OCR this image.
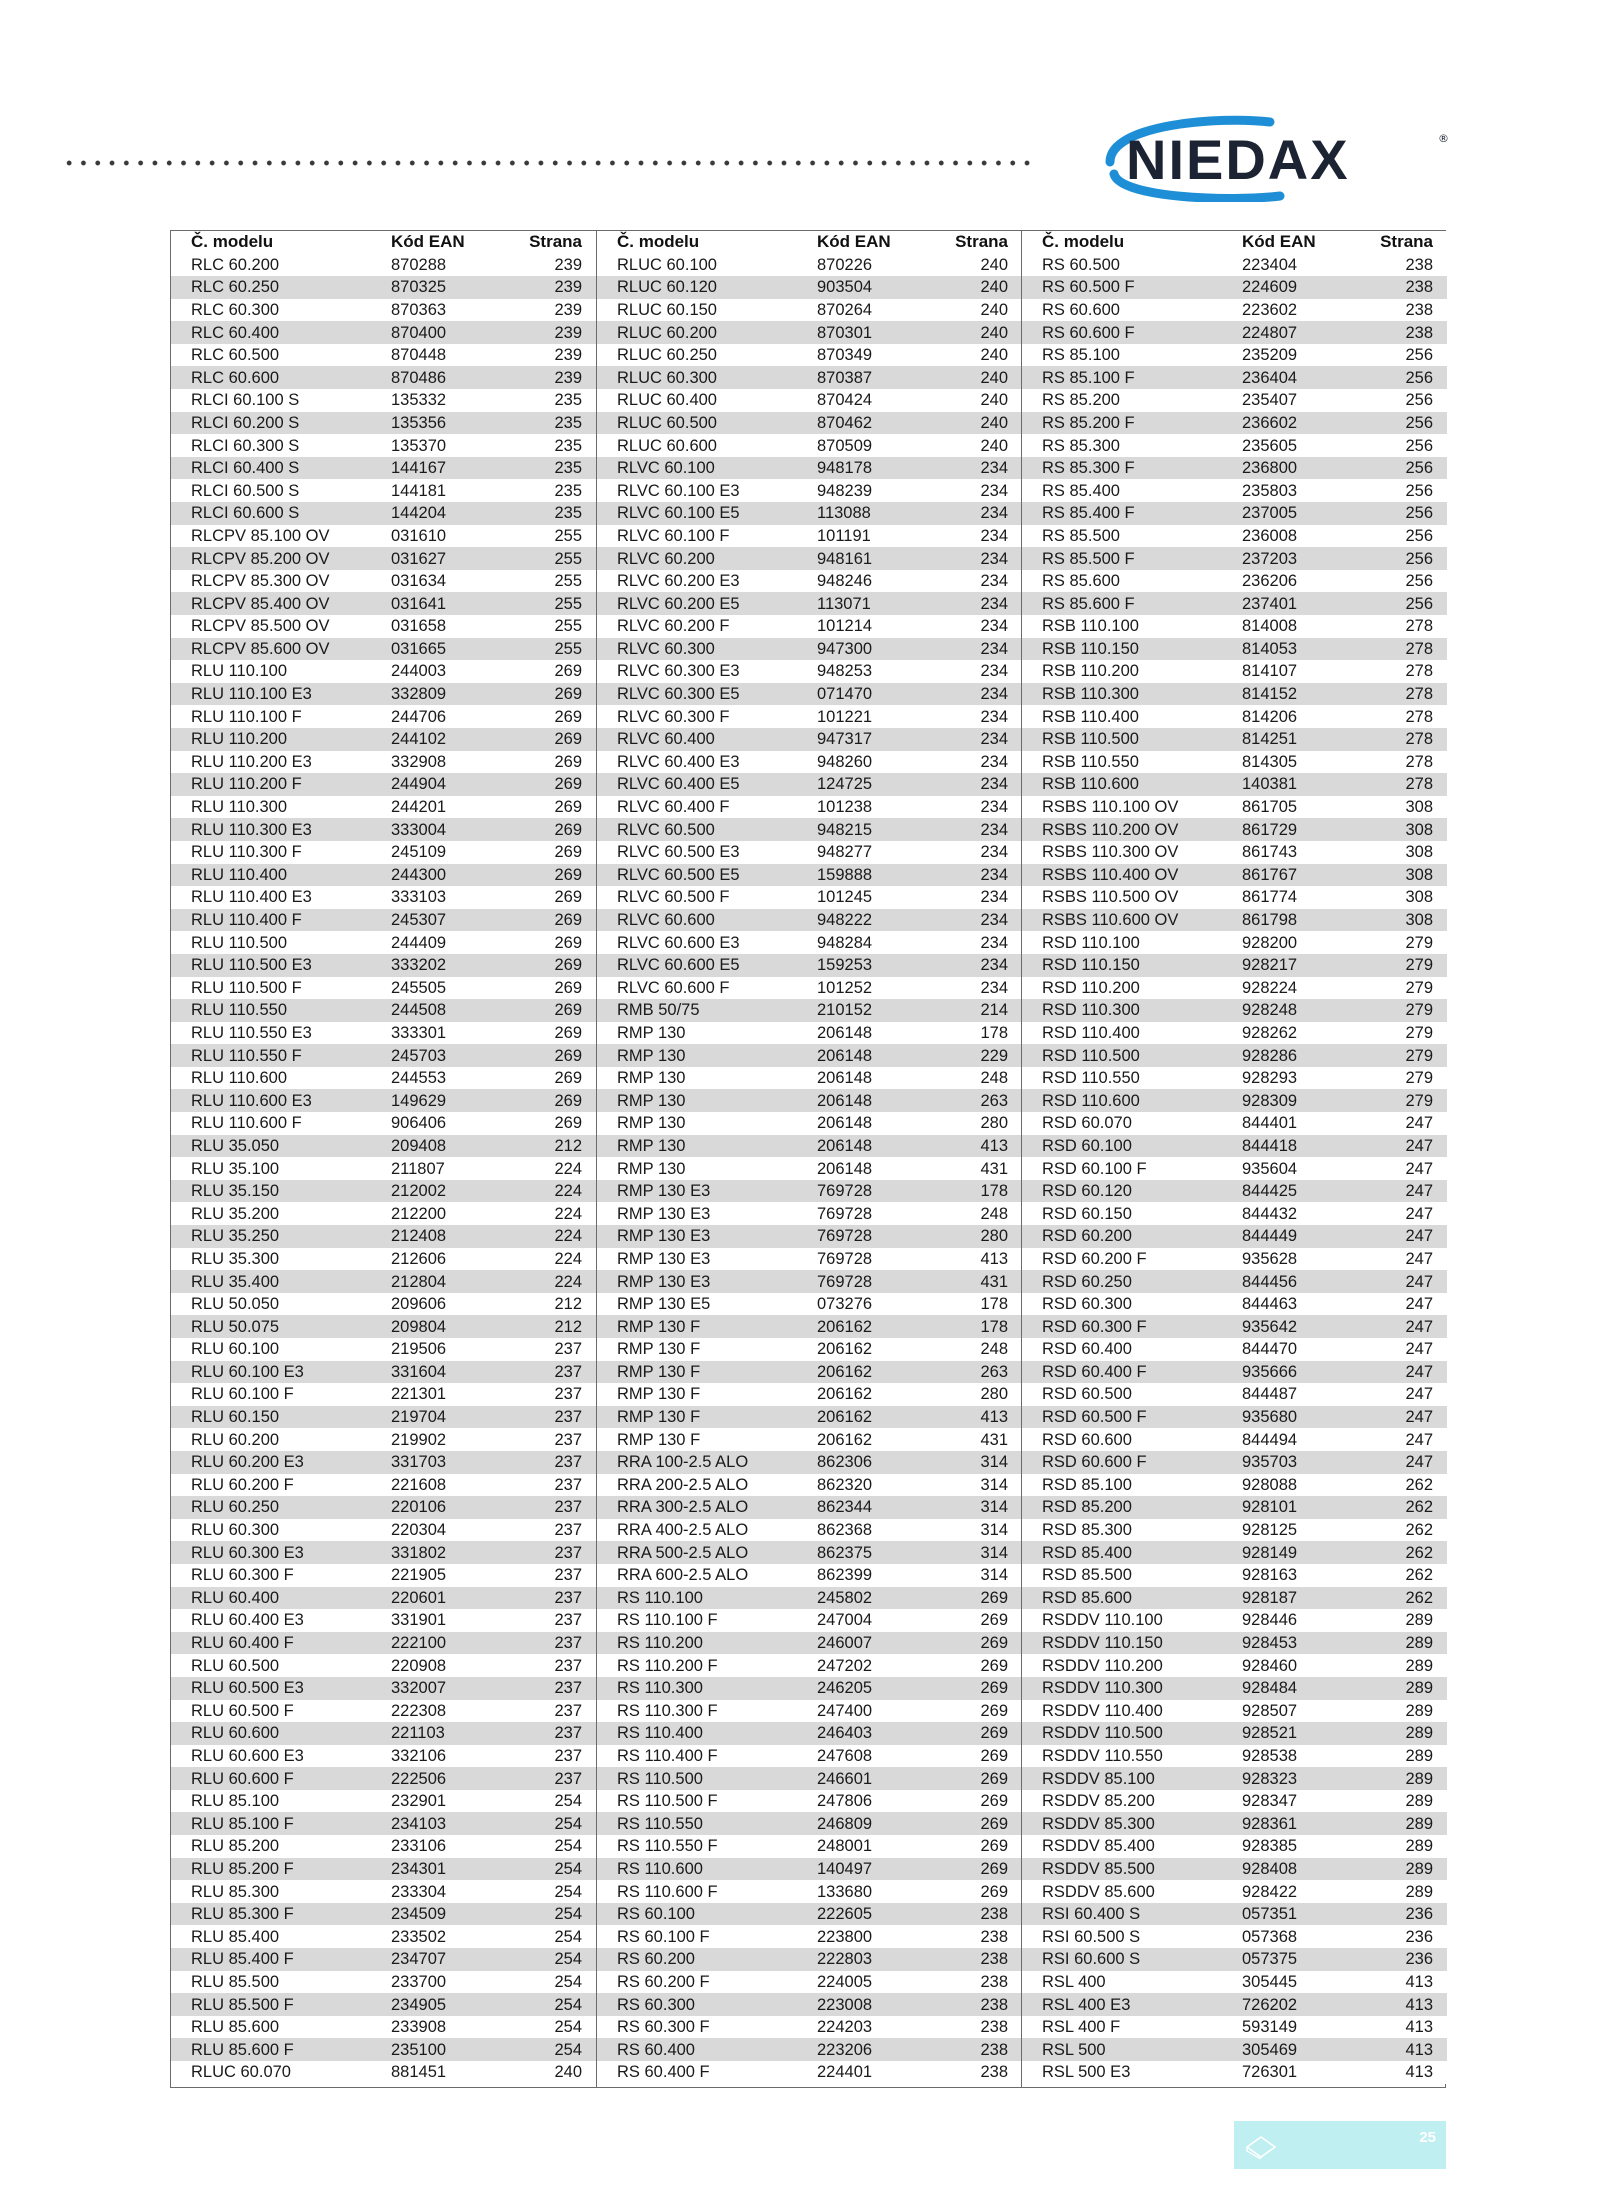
NIEDAX	®
Č. modelu	Kód EAN	Strana
RLC 60.200	870288	239
RLC 60.250	870325	239
RLC 60.300	870363	239
RLC 60.400	870400	239
RLC 60.500	870448	239
RLC 60.600	870486	239
RLCI 60.100 S	135332	235
RLCI 60.200 S	135356	235
RLCI 60.300 S	135370	235
RLCI 60.400 S	144167	235
RLCI 60.500 S	144181	235
RLCI 60.600 S	144204	235
RLCPV 85.100 OV	031610	255
RLCPV 85.200 OV	031627	255
RLCPV 85.300 OV	031634	255
RLCPV 85.400 OV	031641	255
RLCPV 85.500 OV	031658	255
RLCPV 85.600 OV	031665	255
RLU 110.100	244003	269
RLU 110.100 E3	332809	269
RLU 110.100 F	244706	269
RLU 110.200	244102	269
RLU 110.200 E3	332908	269
RLU 110.200 F	244904	269
RLU 110.300	244201	269
RLU 110.300 E3	333004	269
RLU 110.300 F	245109	269
RLU 110.400	244300	269
RLU 110.400 E3	333103	269
RLU 110.400 F	245307	269
RLU 110.500	244409	269
RLU 110.500 E3	333202	269
RLU 110.500 F	245505	269
RLU 110.550	244508	269
RLU 110.550 E3	333301	269
RLU 110.550 F	245703	269
RLU 110.600	244553	269
RLU 110.600 E3	149629	269
RLU 110.600 F	906406	269
RLU 35.050	209408	212
RLU 35.100	211807	224
RLU 35.150	212002	224
RLU 35.200	212200	224
RLU 35.250	212408	224
RLU 35.300	212606	224
RLU 35.400	212804	224
RLU 50.050	209606	212
RLU 50.075	209804	212
RLU 60.100	219506	237
RLU 60.100 E3	331604	237
RLU 60.100 F	221301	237
RLU 60.150	219704	237
RLU 60.200	219902	237
RLU 60.200 E3	331703	237
RLU 60.200 F	221608	237
RLU 60.250	220106	237
RLU 60.300	220304	237
RLU 60.300 E3	331802	237
RLU 60.300 F	221905	237
RLU 60.400	220601	237
RLU 60.400 E3	331901	237
RLU 60.400 F	222100	237
RLU 60.500	220908	237
RLU 60.500 E3	332007	237
RLU 60.500 F	222308	237
RLU 60.600	221103	237
RLU 60.600 E3	332106	237
RLU 60.600 F	222506	237
RLU 85.100	232901	254
RLU 85.100 F	234103	254
RLU 85.200	233106	254
RLU 85.200 F	234301	254
RLU 85.300	233304	254
RLU 85.300 F	234509	254
RLU 85.400	233502	254
RLU 85.400 F	234707	254
RLU 85.500	233700	254
RLU 85.500 F	234905	254
RLU 85.600	233908	254
RLU 85.600 F	235100	254
RLUC 60.070	881451	240
Č. modelu	Kód EAN	Strana
RLUC 60.100	870226	240
RLUC 60.120	903504	240
RLUC 60.150	870264	240
RLUC 60.200	870301	240
RLUC 60.250	870349	240
RLUC 60.300	870387	240
RLUC 60.400	870424	240
RLUC 60.500	870462	240
RLUC 60.600	870509	240
RLVC 60.100	948178	234
RLVC 60.100 E3	948239	234
RLVC 60.100 E5	113088	234
RLVC 60.100 F	101191	234
RLVC 60.200	948161	234
RLVC 60.200 E3	948246	234
RLVC 60.200 E5	113071	234
RLVC 60.200 F	101214	234
RLVC 60.300	947300	234
RLVC 60.300 E3	948253	234
RLVC 60.300 E5	071470	234
RLVC 60.300 F	101221	234
RLVC 60.400	947317	234
RLVC 60.400 E3	948260	234
RLVC 60.400 E5	124725	234
RLVC 60.400 F	101238	234
RLVC 60.500	948215	234
RLVC 60.500 E3	948277	234
RLVC 60.500 E5	159888	234
RLVC 60.500 F	101245	234
RLVC 60.600	948222	234
RLVC 60.600 E3	948284	234
RLVC 60.600 E5	159253	234
RLVC 60.600 F	101252	234
RMB 50/75	210152	214
RMP 130	206148	178
RMP 130	206148	229
RMP 130	206148	248
RMP 130	206148	263
RMP 130	206148	280
RMP 130	206148	413
RMP 130	206148	431
RMP 130 E3	769728	178
RMP 130 E3	769728	248
RMP 130 E3	769728	280
RMP 130 E3	769728	413
RMP 130 E3	769728	431
RMP 130 E5	073276	178
RMP 130 F	206162	178
RMP 130 F	206162	248
RMP 130 F	206162	263
RMP 130 F	206162	280
RMP 130 F	206162	413
RMP 130 F	206162	431
RRA 100-2.5 ALO	862306	314
RRA 200-2.5 ALO	862320	314
RRA 300-2.5 ALO	862344	314
RRA 400-2.5 ALO	862368	314
RRA 500-2.5 ALO	862375	314
RRA 600-2.5 ALO	862399	314
RS 110.100	245802	269
RS 110.100 F	247004	269
RS 110.200	246007	269
RS 110.200 F	247202	269
RS 110.300	246205	269
RS 110.300 F	247400	269
RS 110.400	246403	269
RS 110.400 F	247608	269
RS 110.500	246601	269
RS 110.500 F	247806	269
RS 110.550	246809	269
RS 110.550 F	248001	269
RS 110.600	140497	269
RS 110.600 F	133680	269
RS 60.100	222605	238
RS 60.100 F	223800	238
RS 60.200	222803	238
RS 60.200 F	224005	238
RS 60.300	223008	238
RS 60.300 F	224203	238
RS 60.400	223206	238
RS 60.400 F	224401	238
Č. modelu	Kód EAN	Strana
RS 60.500	223404	238
RS 60.500 F	224609	238
RS 60.600	223602	238
RS 60.600 F	224807	238
RS 85.100	235209	256
RS 85.100 F	236404	256
RS 85.200	235407	256
RS 85.200 F	236602	256
RS 85.300	235605	256
RS 85.300 F	236800	256
RS 85.400	235803	256
RS 85.400 F	237005	256
RS 85.500	236008	256
RS 85.500 F	237203	256
RS 85.600	236206	256
RS 85.600 F	237401	256
RSB 110.100	814008	278
RSB 110.150	814053	278
RSB 110.200	814107	278
RSB 110.300	814152	278
RSB 110.400	814206	278
RSB 110.500	814251	278
RSB 110.550	814305	278
RSB 110.600	140381	278
RSBS 110.100 OV	861705	308
RSBS 110.200 OV	861729	308
RSBS 110.300 OV	861743	308
RSBS 110.400 OV	861767	308
RSBS 110.500 OV	861774	308
RSBS 110.600 OV	861798	308
RSD 110.100	928200	279
RSD 110.150	928217	279
RSD 110.200	928224	279
RSD 110.300	928248	279
RSD 110.400	928262	279
RSD 110.500	928286	279
RSD 110.550	928293	279
RSD 110.600	928309	279
RSD 60.070	844401	247
RSD 60.100	844418	247
RSD 60.100 F	935604	247
RSD 60.120	844425	247
RSD 60.150	844432	247
RSD 60.200	844449	247
RSD 60.200 F	935628	247
RSD 60.250	844456	247
RSD 60.300	844463	247
RSD 60.300 F	935642	247
RSD 60.400	844470	247
RSD 60.400 F	935666	247
RSD 60.500	844487	247
RSD 60.500 F	935680	247
RSD 60.600	844494	247
RSD 60.600 F	935703	247
RSD 85.100	928088	262
RSD 85.200	928101	262
RSD 85.300	928125	262
RSD 85.400	928149	262
RSD 85.500	928163	262
RSD 85.600	928187	262
RSDDV 110.100	928446	289
RSDDV 110.150	928453	289
RSDDV 110.200	928460	289
RSDDV 110.300	928484	289
RSDDV 110.400	928507	289
RSDDV 110.500	928521	289
RSDDV 110.550	928538	289
RSDDV 85.100	928323	289
RSDDV 85.200	928347	289
RSDDV 85.300	928361	289
RSDDV 85.400	928385	289
RSDDV 85.500	928408	289
RSDDV 85.600	928422	289
RSI 60.400 S	057351	236
RSI 60.500 S	057368	236
RSI 60.600 S	057375	236
RSL 400	305445	413
RSL 400 E3	726202	413
RSL 400 F	593149	413
RSL 500	305469	413
RSL 500 E3	726301	413
25
